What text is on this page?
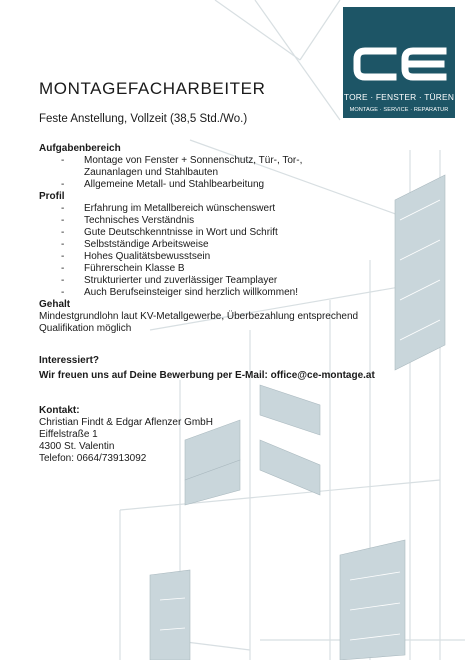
TORE · FENSTER · TÜREN
MONTAGE · SERVICE · REPARATUR
MONTAGEFACHARBEITER
Feste Anstellung, Vollzeit (38,5 Std./Wo.)
Aufgabenbereich
- Montage von Fenster + Sonnenschutz, Tür-, Tor-, Zaunanlagen und Stahlbauten
- Allgemeine Metall- und Stahlbearbeitung
Profil
- Erfahrung im Metallbereich wünschenswert
- Technisches Verständnis
- Gute Deutschkenntnisse in Wort und Schrift
- Selbstständige Arbeitsweise
- Hohes Qualitätsbewusstsein
- Führerschein Klasse B
- Strukturierter und zuverlässiger Teamplayer
- Auch Berufseinsteiger sind herzlich willkommen!
Gehalt
Mindestgrundlohn laut KV-Metallgewerbe, Überbezahlung entsprechend Qualifikation möglich
Interessiert?
Wir freuen uns auf Deine Bewerbung per E-Mail: office@ce-montage.at
Kontakt:
Christian Findt & Edgar Aflenzer GmbH
Eiffelstraße 1
4300 St. Valentin
Telefon: 0664/73913092
